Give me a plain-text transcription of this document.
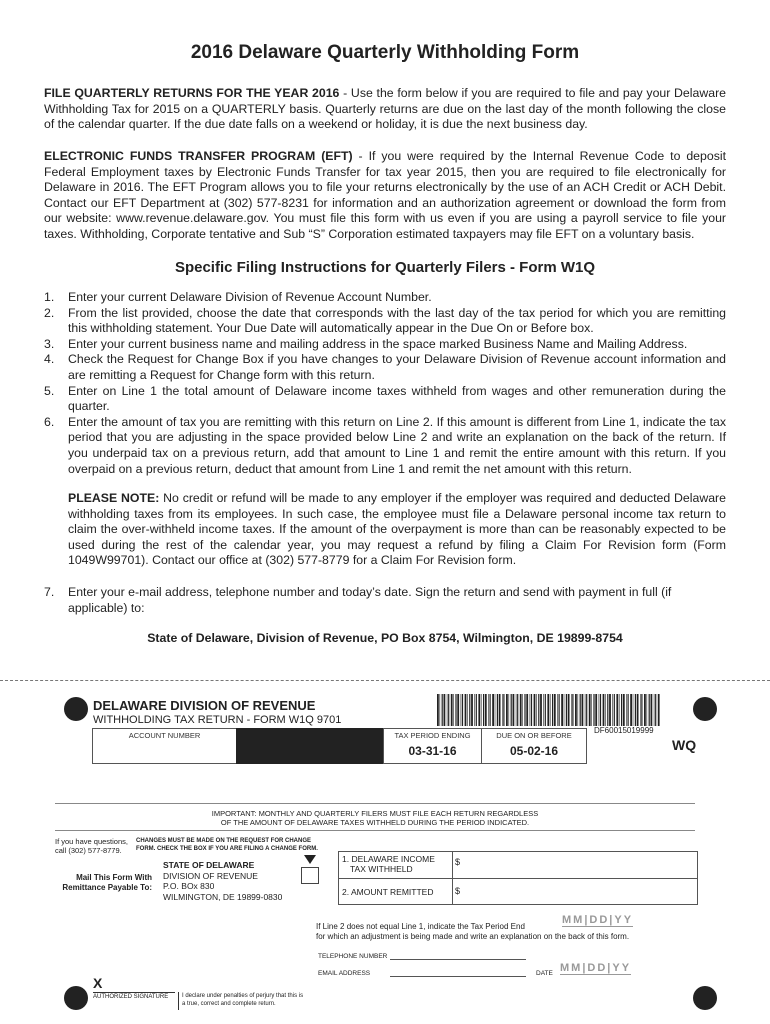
2016 Delaware Quarterly Withholding Form
FILE QUARTERLY RETURNS FOR THE YEAR 2016 - Use the form below if you are required to file and pay your Delaware Withholding Tax for 2015 on a QUARTERLY basis. Quarterly returns are due on the last day of the month following the close of the calendar quarter. If the due date falls on a weekend or holiday, it is due the next business day.
ELECTRONIC FUNDS TRANSFER PROGRAM (EFT) - If you were required by the Internal Revenue Code to deposit Federal Employment taxes by Electronic Funds Transfer for tax year 2015, then you are required to file electronically for Delaware in 2016. The EFT Program allows you to file your returns electronically by the use of an ACH Credit or ACH Debit. Contact our EFT Department at (302) 577-8231 for information and an authorization agreement or download the form from our website: www.revenue.delaware.gov. You must file this form with us even if you are using a payroll service to file your taxes. Withholding, Corporate tentative and Sub “S” Corporation estimated taxpayers may file EFT on a voluntary basis.
Specific Filing Instructions for Quarterly Filers - Form W1Q
1. Enter your current Delaware Division of Revenue Account Number.
2. From the list provided, choose the date that corresponds with the last day of the tax period for which you are remitting this withholding statement. Your Due Date will automatically appear in the Due On or Before box.
3. Enter your current business name and mailing address in the space marked Business Name and Mailing Address.
4. Check the Request for Change Box if you have changes to your Delaware Division of Revenue account information and are remitting a Request for Change form with this return.
5. Enter on Line 1 the total amount of Delaware income taxes withheld from wages and other remuneration during the quarter.
6. Enter the amount of tax you are remitting with this return on Line 2. If this amount is different from Line 1, indicate the tax period that you are adjusting in the space provided below Line 2 and write an explanation on the back of the return. If you underpaid tax on a previous return, add that amount to Line 1 and remit the entire amount with this return. If you overpaid on a previous return, deduct that amount from Line 1 and remit the net amount with this return.
PLEASE NOTE: No credit or refund will be made to any employer if the employer was required and deducted Delaware withholding taxes from its employees. In such case, the employee must file a Delaware personal income tax return to claim the over-withheld income taxes. If the amount of the overpayment is more than can be reasonably expected to be used during the rest of the calendar year, you may request a refund by filing a Claim For Revision form (Form 1049W99701). Contact our office at (302) 577-8779 for a Claim For Revision form.
7. Enter your e-mail address, telephone number and today’s date. Sign the return and send with payment in full (if applicable) to:
State of Delaware, Division of Revenue, PO Box 8754, Wilmington, DE 19899-8754
DELAWARE DIVISION OF REVENUE
WITHHOLDING TAX RETURN - FORM W1Q 9701
DF60015019999
WQ
ACCOUNT NUMBER	TAX PERIOD ENDING
03-31-16
DUE ON OR BEFORE
05-02-16
IMPORTANT: MONTHLY AND QUARTERLY FILERS MUST FILE EACH RETURN REGARDLESS
OF THE AMOUNT OF DELAWARE TAXES WITHHELD DURING THE PERIOD INDICATED.
If you have questions,
call (302) 577-8779.
CHANGES MUST BE MADE ON THE REQUEST FOR CHANGE
FORM. CHECK THE BOX IF YOU ARE FILING A CHANGE FORM.
Mail This Form With
Remittance Payable To:
STATE OF DELAWARE
DIVISION OF REVENUE
P.O. BOx 830
WILMINGTON, DE 19899-0830
1. DELAWARE INCOME
TAX WITHHELD
2. AMOUNT REMITTED
$
$
If Line 2 does not equal Line 1, indicate the Tax Period End
for which an adjustment is being made and write an explanation on the back of this form.
MM|DD|YY
TELEPHONE NUMBER
EMAIL ADDRESS	DATE MM|DD|YY
X
AUTHORIZED SIGNATURE I declare under penalties of perjury that this is
a true, correct and complete return.
